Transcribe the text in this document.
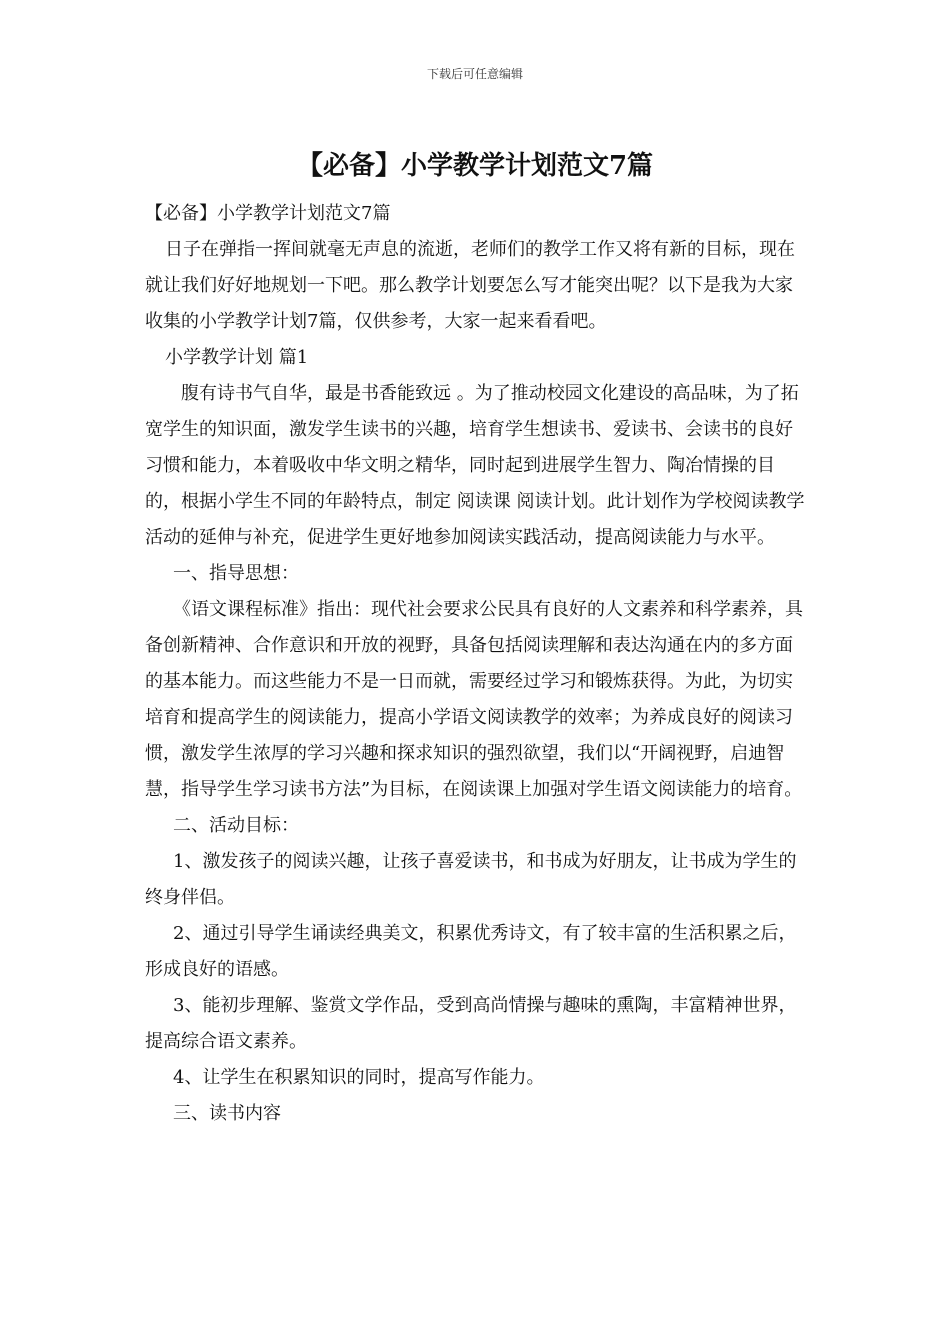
下载后可任意编辑
【必备】小学教学计划范文7篇

【必备】小学教学计划范文7篇

日子在弹指一挥间就毫无声息的流逝，老师们的教学工作又将有新的目标，现在就让我们好好地规划一下吧。那么教学计划要怎么写才能突出呢？以下是我为大家收集的小学教学计划7篇，仅供参考，大家一起来看看吧。

小学教学计划 篇1

腹有诗书气自华，最是书香能致远 。为了推动校园文化建设的高品味，为了拓宽学生的知识面，激发学生读书的兴趣，培育学生想读书、爱读书、会读书的良好习惯和能力，本着吸收中华文明之精华，同时起到进展学生智力、陶冶情操的目的，根据小学生不同的年龄特点，制定 阅读课 阅读计划。此计划作为学校阅读教学活动的延伸与补充，促进学生更好地参加阅读实践活动，提高阅读能力与水平。

一、指导思想：

《语文课程标准》指出：现代社会要求公民具有良好的人文素养和科学素养，具备创新精神、合作意识和开放的视野，具备包括阅读理解和表达沟通在内的多方面的基本能力。而这些能力不是一日而就，需要经过学习和锻炼获得。为此，为切实培育和提高学生的阅读能力，提高小学语文阅读教学的效率；为养成良好的阅读习惯，激发学生浓厚的学习兴趣和探求知识的强烈欲望，我们以“开阔视野，启迪智慧，指导学生学习读书方法”为目标，在阅读课上加强对学生语文阅读能力的培育。

二、活动目标：

1、激发孩子的阅读兴趣，让孩子喜爱读书，和书成为好朋友，让书成为学生的终身伴侣。

2、通过引导学生诵读经典美文，积累优秀诗文，有了较丰富的生活积累之后，形成良好的语感。

3、能初步理解、鉴赏文学作品，受到高尚情操与趣味的熏陶，丰富精神世界，提高综合语文素养。

4、让学生在积累知识的同时，提高写作能力。

三、读书内容
